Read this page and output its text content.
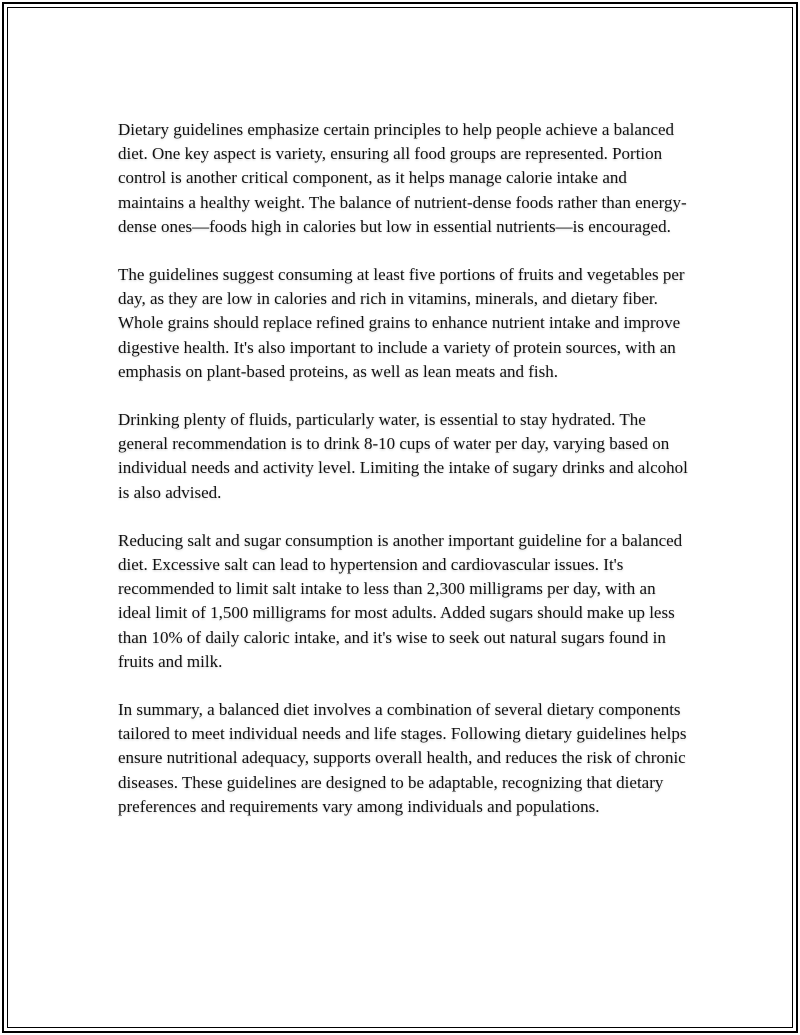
Dietary guidelines emphasize certain principles to help people achieve a balanced diet. One key aspect is variety, ensuring all food groups are represented. Portion control is another critical component, as it helps manage calorie intake and maintains a healthy weight. The balance of nutrient-dense foods rather than energy-dense ones—foods high in calories but low in essential nutrients—is encouraged.

The guidelines suggest consuming at least five portions of fruits and vegetables per day, as they are low in calories and rich in vitamins, minerals, and dietary fiber. Whole grains should replace refined grains to enhance nutrient intake and improve digestive health. It's also important to include a variety of protein sources, with an emphasis on plant-based proteins, as well as lean meats and fish.

Drinking plenty of fluids, particularly water, is essential to stay hydrated. The general recommendation is to drink 8-10 cups of water per day, varying based on individual needs and activity level. Limiting the intake of sugary drinks and alcohol is also advised.

Reducing salt and sugar consumption is another important guideline for a balanced diet. Excessive salt can lead to hypertension and cardiovascular issues. It's recommended to limit salt intake to less than 2,300 milligrams per day, with an ideal limit of 1,500 milligrams for most adults. Added sugars should make up less than 10% of daily caloric intake, and it's wise to seek out natural sugars found in fruits and milk.

In summary, a balanced diet involves a combination of several dietary components tailored to meet individual needs and life stages. Following dietary guidelines helps ensure nutritional adequacy, supports overall health, and reduces the risk of chronic diseases. These guidelines are designed to be adaptable, recognizing that dietary preferences and requirements vary among individuals and populations.
